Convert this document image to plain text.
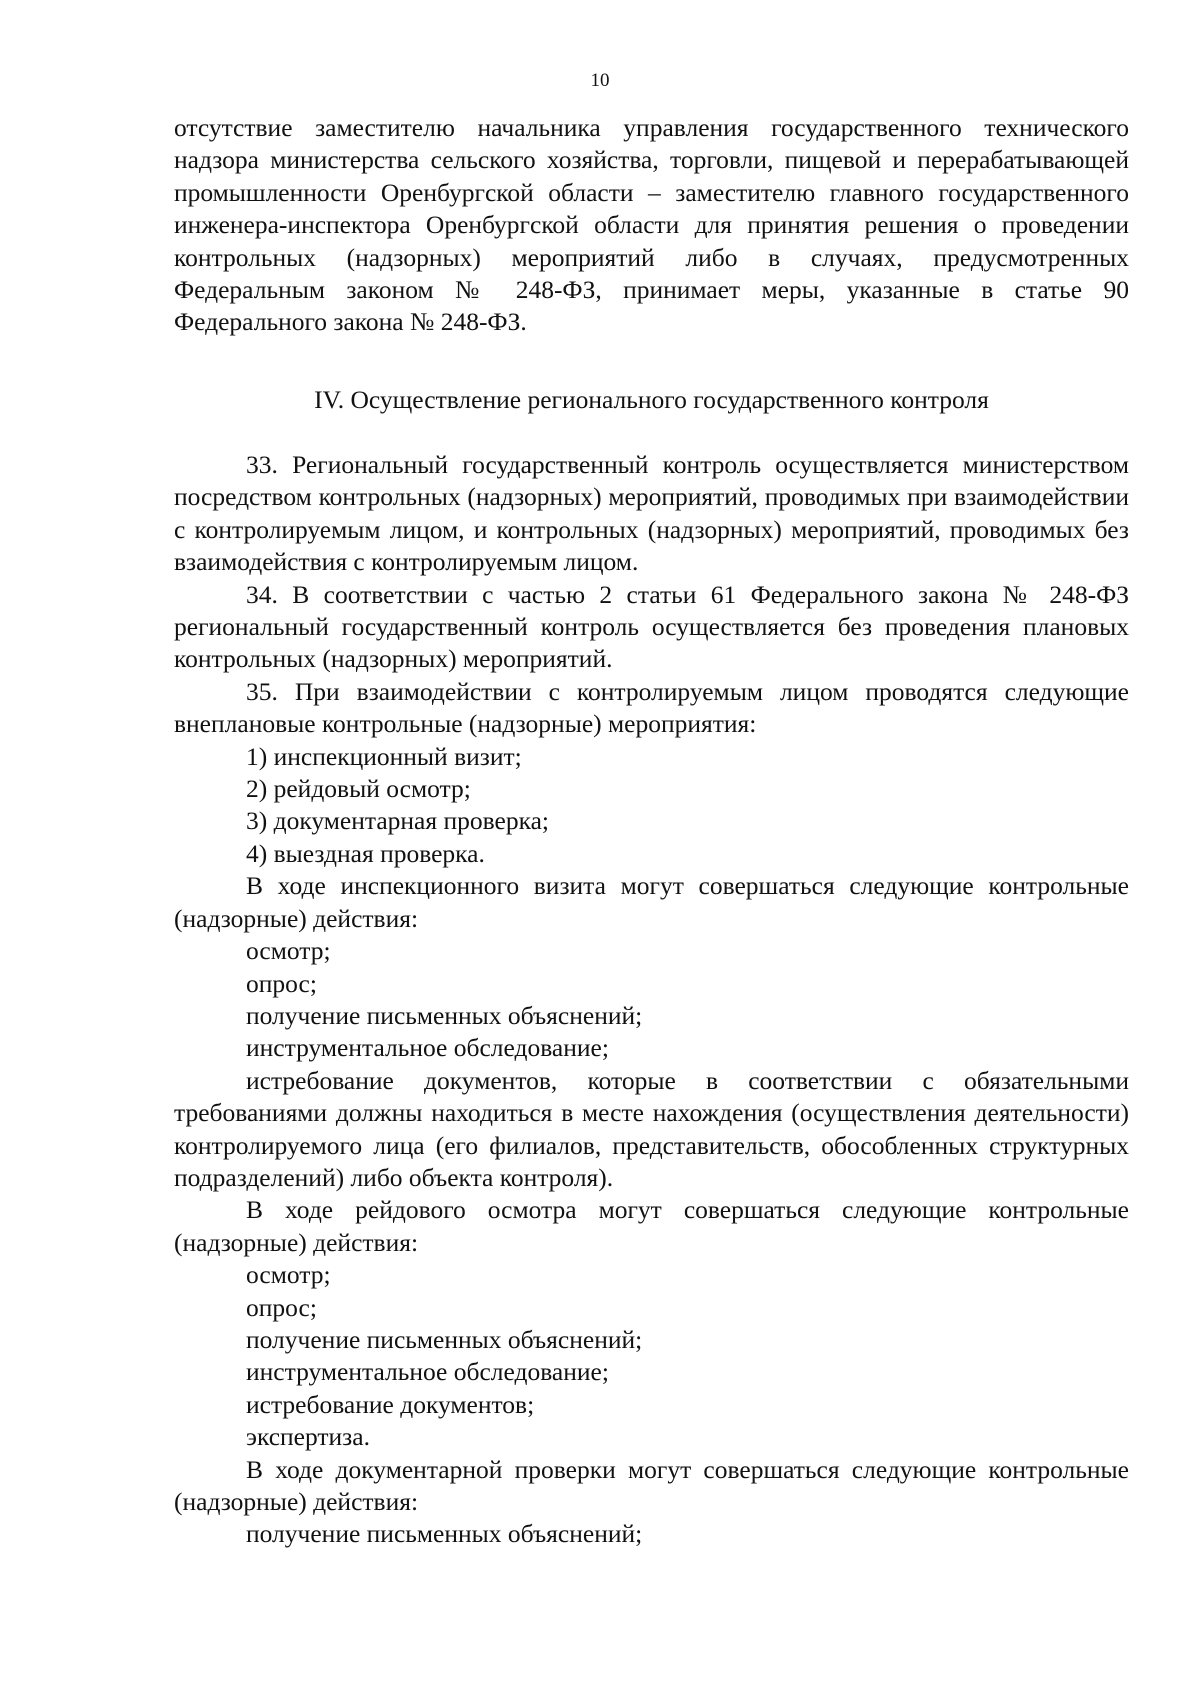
10

отсутствие заместителю начальника управления государственного технического надзора министерства сельского хозяйства, торговли, пищевой и перерабатывающей промышленности Оренбургской области – заместителю главного государственного инженера-инспектора Оренбургской области для принятия решения о проведении контрольных (надзорных) мероприятий либо в случаях, предусмотренных Федеральным законом № 248-ФЗ, принимает меры, указанные в статье 90 Федерального закона № 248-ФЗ.

IV. Осуществление регионального государственного контроля

33. Региональный государственный контроль осуществляется министерством посредством контрольных (надзорных) мероприятий, проводимых при взаимодействии с контролируемым лицом, и контрольных (надзорных) мероприятий, проводимых без взаимодействия с контролируемым лицом.

34. В соответствии с частью 2 статьи 61 Федерального закона № 248-ФЗ региональный государственный контроль осуществляется без проведения плановых контрольных (надзорных) мероприятий.

35. При взаимодействии с контролируемым лицом проводятся следующие внеплановые контрольные (надзорные) мероприятия:

1) инспекционный визит;

2) рейдовый осмотр;

3) документарная проверка;

4) выездная проверка.

В ходе инспекционного визита могут совершаться следующие контрольные (надзорные) действия:

осмотр;

опрос;

получение письменных объяснений;

инструментальное обследование;

истребование документов, которые в соответствии с обязательными требованиями должны находиться в месте нахождения (осуществления деятельности) контролируемого лица (его филиалов, представительств, обособленных структурных подразделений) либо объекта контроля).

В ходе рейдового осмотра могут совершаться следующие контрольные (надзорные) действия:

осмотр;

опрос;

получение письменных объяснений;

инструментальное обследование;

истребование документов;

экспертиза.

В ходе документарной проверки могут совершаться следующие контрольные (надзорные) действия:

получение письменных объяснений;
